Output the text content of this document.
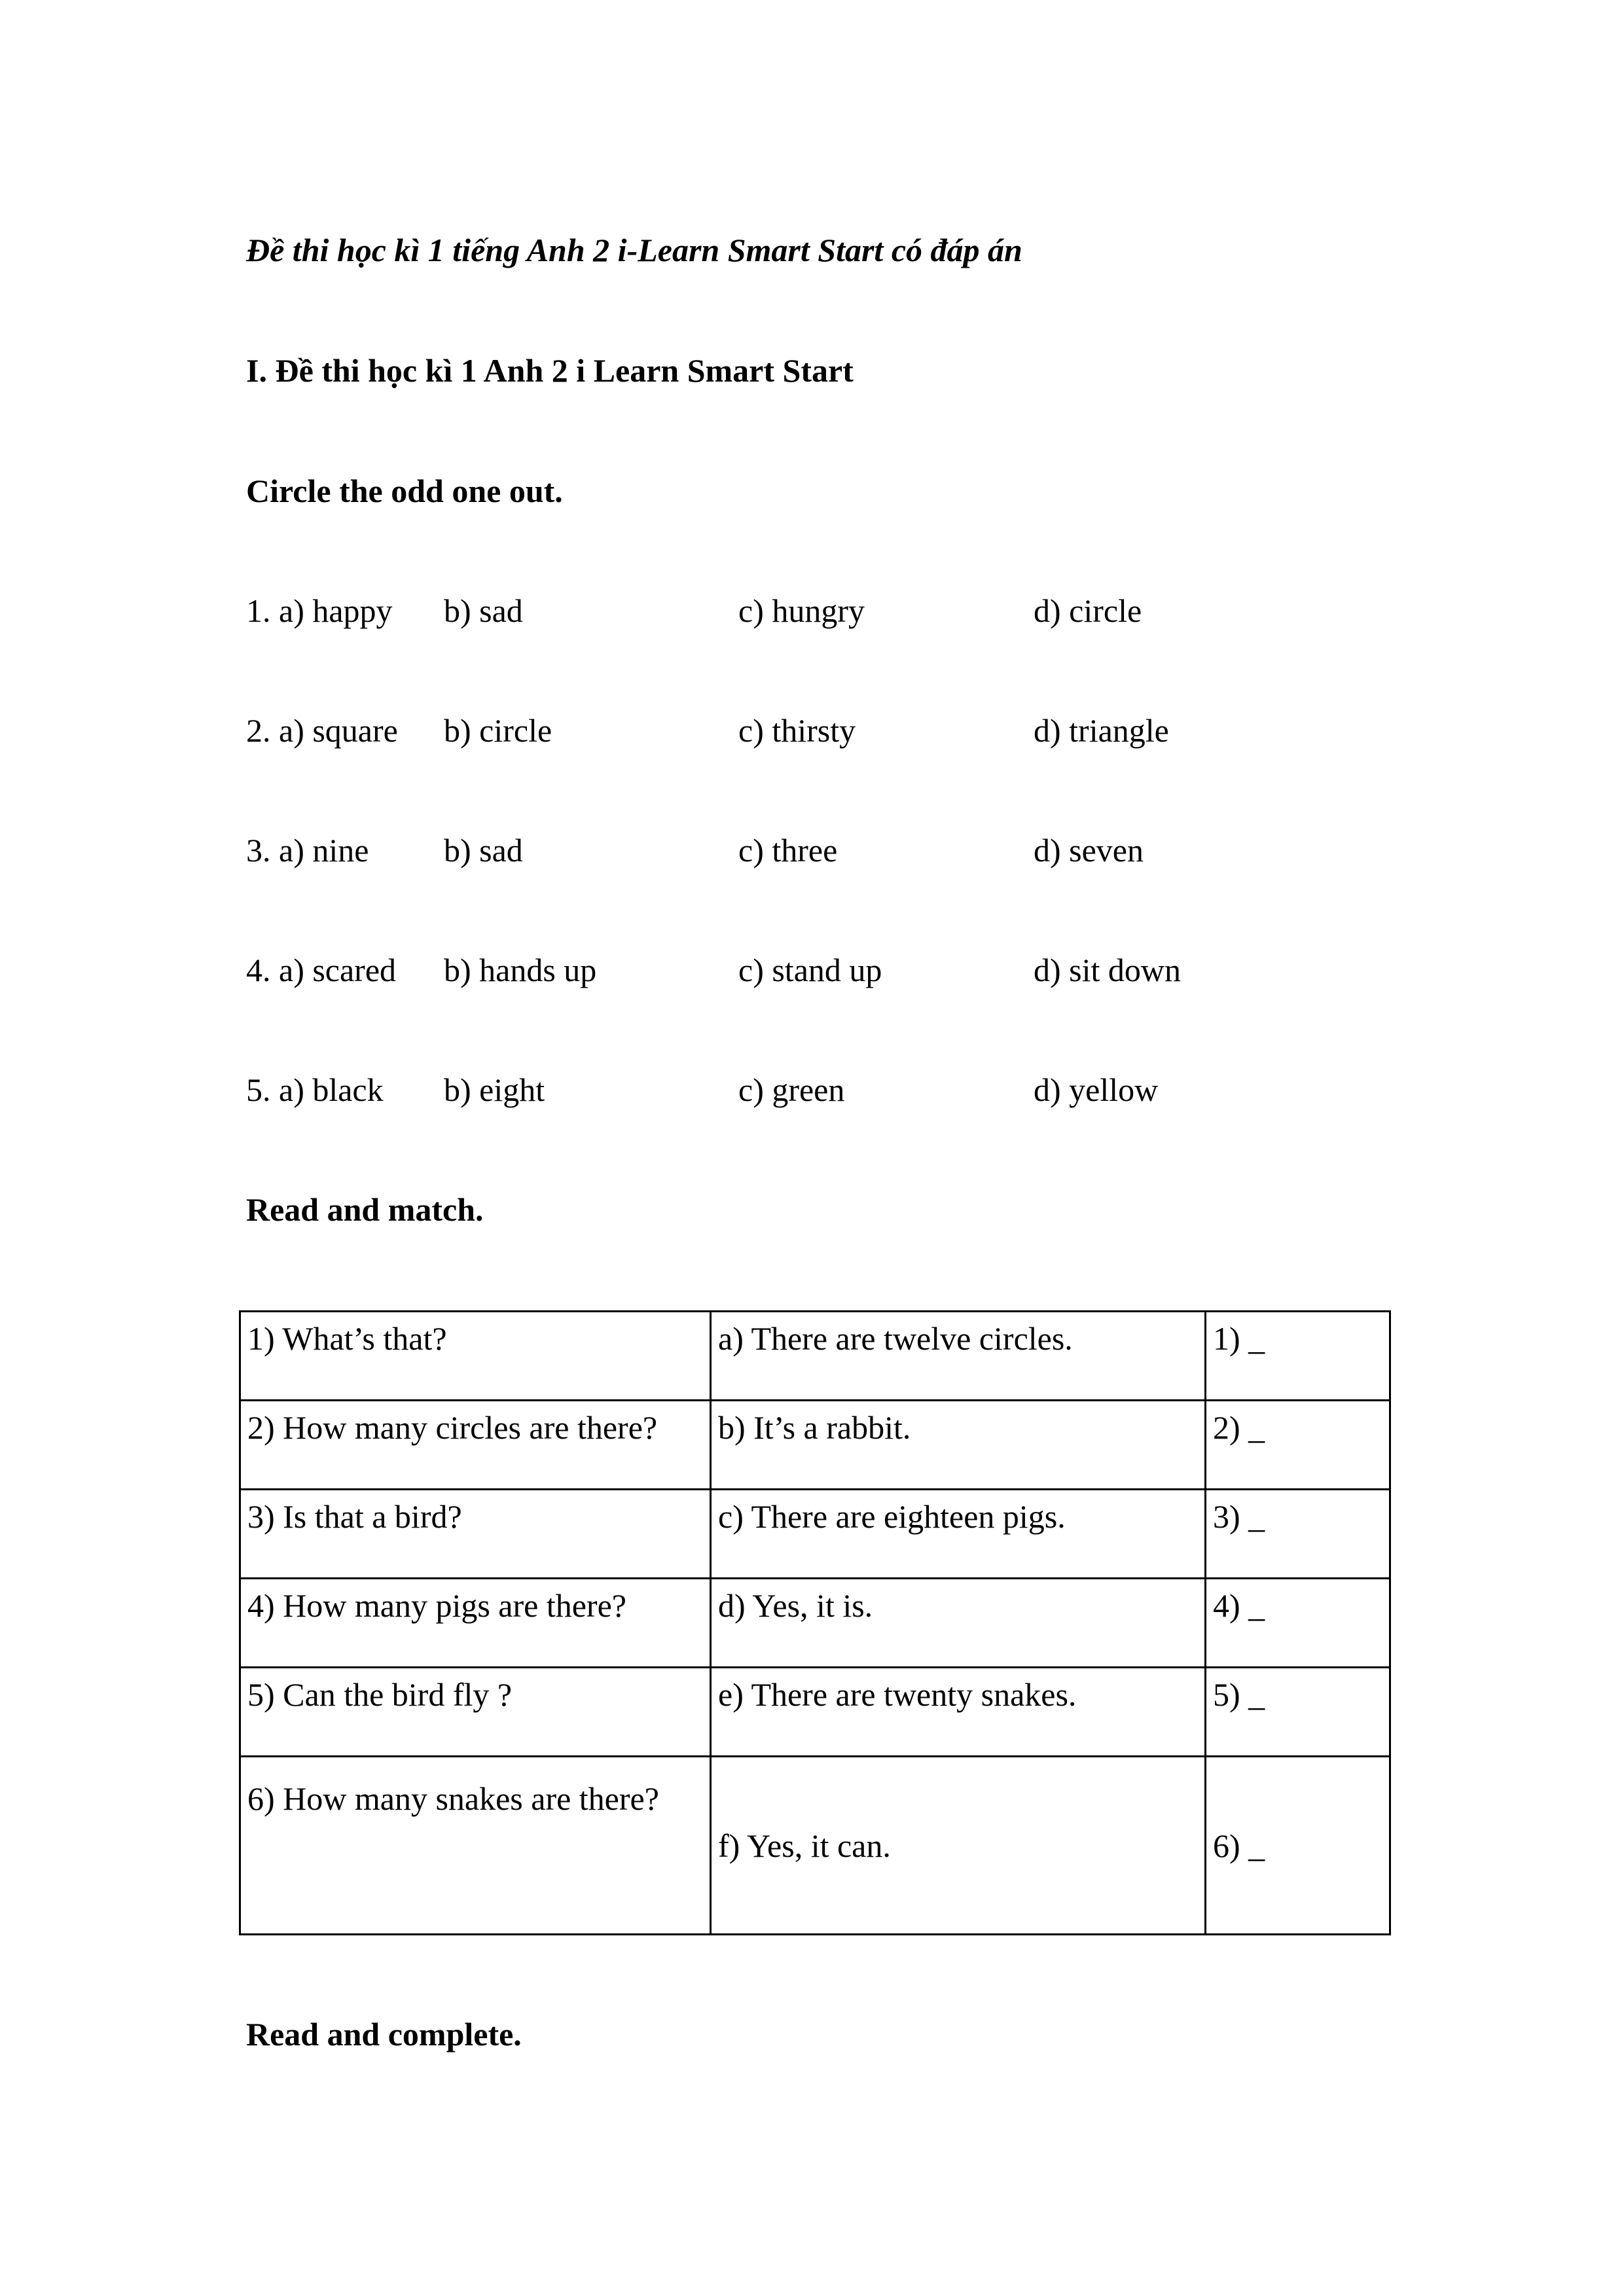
Đề thi học kì 1 tiếng Anh 2 i-Learn Smart Start có đáp án
I. Đề thi học kì 1 Anh 2 i Learn Smart Start
Circle the odd one out.
1. a) happy b) sad	c) hungry	d) circle
2. a) square b) circle	c) thirsty	d) triangle
3. a) nine b) sad	c) three	d) seven
4. a) scared b) hands up	c) stand up	d) sit down
5. a) black b) eight	c) green	d) yellow
Read and match.
1) What’s that?	a) There are twelve circles.	1) _
2) How many circles are there?	b) It’s a rabbit.	2) _
3) Is that a bird?	c) There are eighteen pigs.	3) _
4) How many pigs are there?	d) Yes, it is.	4) _
5) Can the bird fly ?	e) There are twenty snakes.	5) _
6) How many snakes are there?	f) Yes, it can.	6) _
Read and complete.
